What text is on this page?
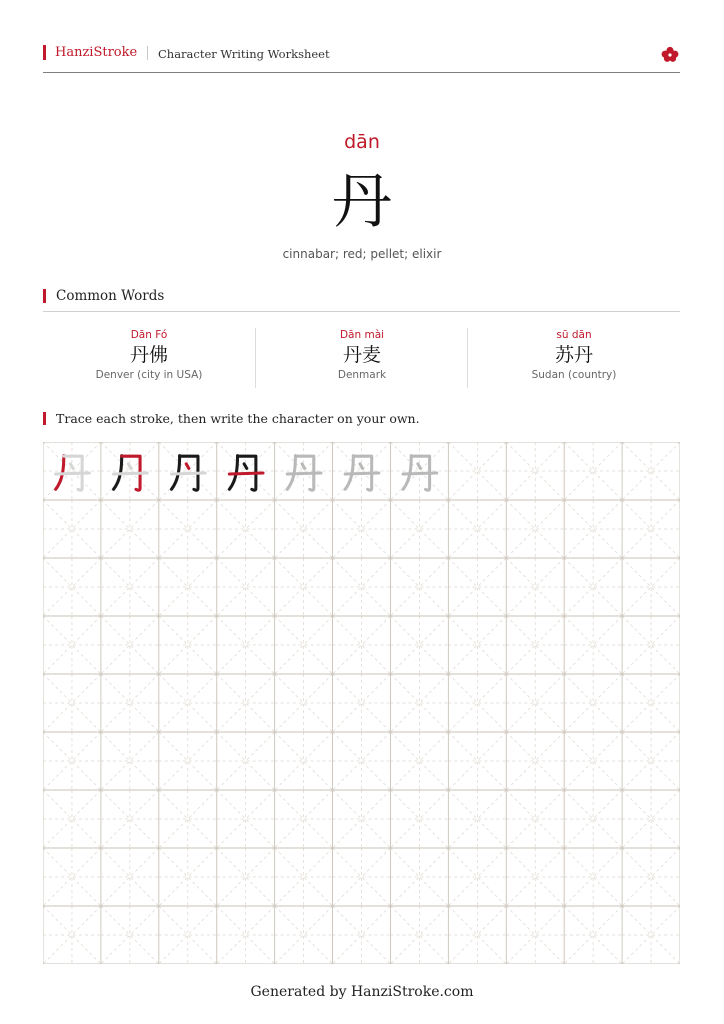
HanziStroke Character Writing Worksheet
dān
丹
cinnabar; red; pellet; elixir
Common Words
Dān Fó
丹佛
Denver (city in USA)
Dān mài
丹麦
Denmark
sū dān
苏丹
Sudan (country)
Trace each stroke, then write the character on your own.
Generated by HanziStroke.com
